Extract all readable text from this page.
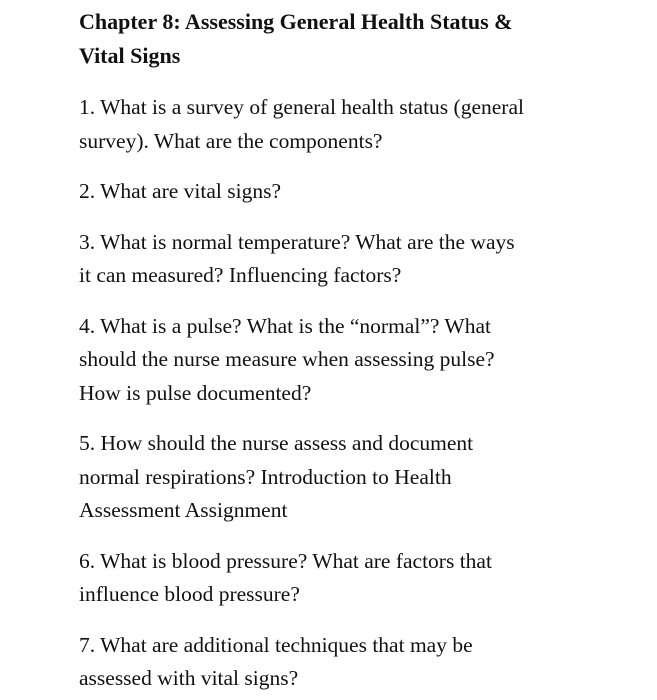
Chapter 8: Assessing General Health Status &
Vital Signs
1. What is a survey of general health status (general
survey). What are the components?
2. What are vital signs?
3. What is normal temperature? What are the ways
it can measured? Influencing factors?
4. What is a pulse? What is the “normal”? What
should the nurse measure when assessing pulse?
How is pulse documented?
5. How should the nurse assess and document
normal respirations? Introduction to Health
Assessment Assignment
6. What is blood pressure? What are factors that
influence blood pressure?
7. What are additional techniques that may be
assessed with vital signs?
